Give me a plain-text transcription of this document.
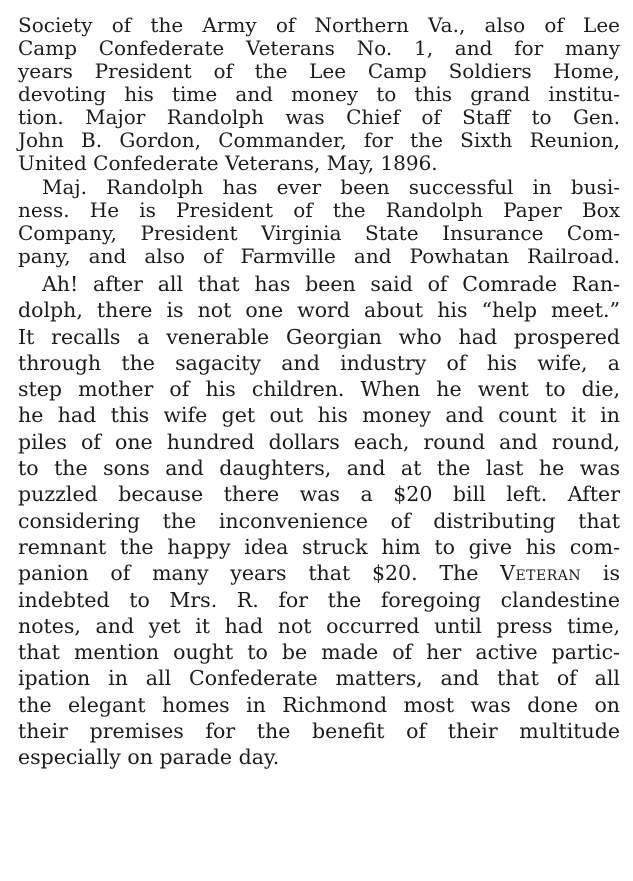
Society of the Army of Northern Va., also of Lee
Camp Confederate Veterans No. 1, and for many
years President of the Lee Camp Soldiers Home,
devoting his time and money to this grand institu-
tion. Major Randolph was Chief of Staff to Gen.
John B. Gordon, Commander, for the Sixth Reunion,
United Confederate Veterans, May, 1896.
Maj. Randolph has ever been successful in busi-
ness. He is President of the Randolph Paper Box
Company, President Virginia State Insurance Com-
pany, and also of Farmville and Powhatan Railroad.
Ah! after all that has been said of Comrade Ran-
dolph, there is not one word about his “help meet.”
It recalls a venerable Georgian who had prospered
through the sagacity and industry of his wife, a
step mother of his children. When he went to die,
he had this wife get out his money and count it in
piles of one hundred dollars each, round and round,
to the sons and daughters, and at the last he was
puzzled because there was a $20 bill left. After
considering the inconvenience of distributing that
remnant the happy idea struck him to give his com-
panion of many years that $20. The Veteran is
indebted to Mrs. R. for the foregoing clandestine
notes, and yet it had not occurred until press time,
that mention ought to be made of her active partic-
ipation in all Confederate matters, and that of all
the elegant homes in Richmond most was done on
their premises for the benefit of their multitude
especially on parade day.
